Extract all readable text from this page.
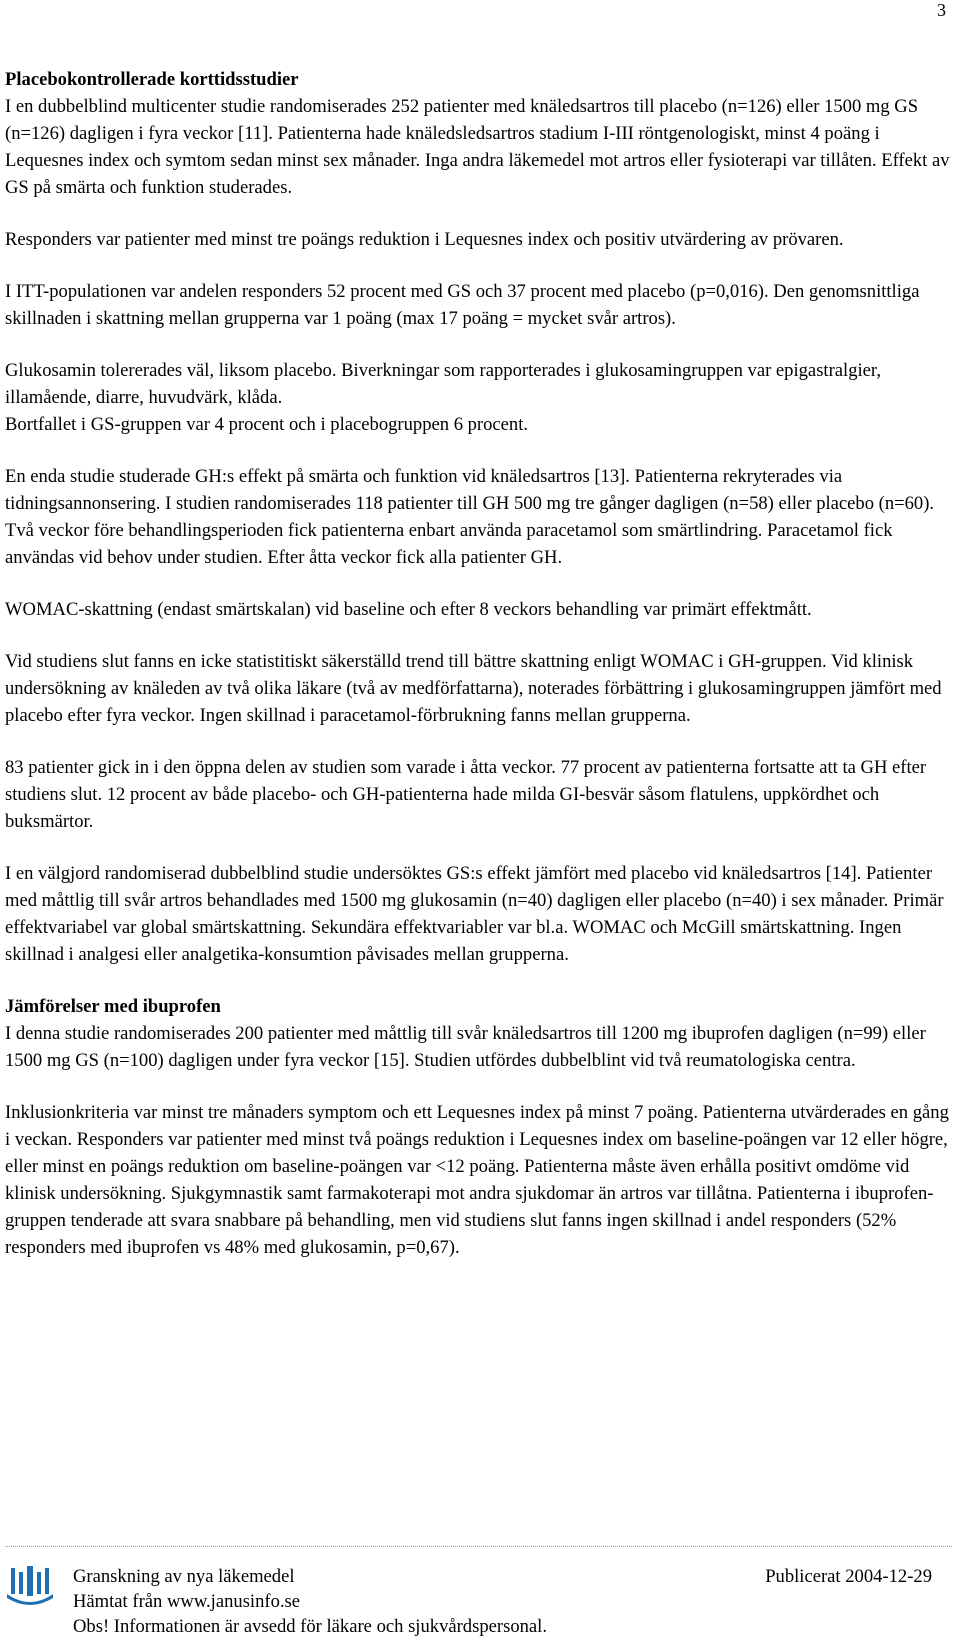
3
Placebokontrollerade korttidsstudier

I en dubbelblind multicenter studie randomiserades 252 patienter med knäledsartros till placebo (n=126) eller 1500 mg GS (n=126) dagligen i fyra veckor [11]. Patienterna hade knäledsledsartros stadium I-III röntgenologiskt, minst 4 poäng i Lequesnes index och symtom sedan minst sex månader. Inga andra läkemedel mot artros eller fysioterapi var tillåten. Effekt av GS på smärta och funktion studerades.

Responders var patienter med minst tre poängs reduktion i Lequesnes index och positiv utvärdering av prövaren.

I ITT-populationen var andelen responders 52 procent med GS och 37 procent med placebo (p=0,016). Den genomsnittliga skillnaden i skattning mellan grupperna var 1 poäng (max 17 poäng = mycket svår artros).

Glukosamin tolererades väl, liksom placebo. Biverkningar som rapporterades i glukosamingruppen var epigastralgier, illamående, diarre, huvudvärk, klåda.

Bortfallet i GS-gruppen var 4 procent och i placebogruppen 6 procent.

En enda studie studerade GH:s effekt på smärta och funktion vid knäledsartros [13]. Patienterna rekryterades via tidningsannonsering. I studien randomiserades 118 patienter till GH 500 mg tre gånger dagligen (n=58) eller placebo (n=60). Två veckor före behandlingsperioden fick patienterna enbart använda paracetamol som smärtlindring. Paracetamol fick användas vid behov under studien. Efter åtta veckor fick alla patienter GH.

WOMAC-skattning (endast smärtskalan) vid baseline och efter 8 veckors behandling var primärt effektmått.

Vid studiens slut fanns en icke statistitiskt säkerställd trend till bättre skattning enligt WOMAC i GH-gruppen. Vid klinisk undersökning av knäleden av två olika läkare (två av medförfattarna), noterades förbättring i glukosamingruppen jämfört med placebo efter fyra veckor. Ingen skillnad i paracetamol-förbrukning fanns mellan grupperna.

83 patienter gick in i den öppna delen av studien som varade i åtta veckor. 77 procent av patienterna fortsatte att ta GH efter studiens slut. 12 procent av både placebo- och GH-patienterna hade milda GI-besvär såsom flatulens, uppkördhet och buksmärtor.

I en välgjord randomiserad dubbelblind studie undersöktes GS:s effekt jämfört med placebo vid knäledsartros [14]. Patienter med måttlig till svår artros behandlades med 1500 mg glukosamin (n=40) dagligen eller placebo (n=40) i sex månader. Primär effektvariabel var global smärtskattning. Sekundära effektvariabler var bl.a. WOMAC och McGill smärtskattning. Ingen skillnad i analgesi eller analgetika-konsumtion påvisades mellan grupperna.

Jämförelser med ibuprofen

I denna studie randomiserades 200 patienter med måttlig till svår knäledsartros till 1200 mg ibuprofen dagligen (n=99) eller 1500 mg GS (n=100) dagligen under fyra veckor [15]. Studien utfördes dubbelblint vid två reumatologiska centra.

Inklusionkriteria var minst tre månaders symptom och ett Lequesnes index på minst 7 poäng. Patienterna utvärderades en gång i veckan. Responders var patienter med minst två poängs reduktion i Lequesnes index om baseline-poängen var 12 eller högre, eller minst en poängs reduktion om baseline-poängen var <12 poäng. Patienterna måste även erhålla positivt omdöme vid klinisk undersökning. Sjukgymnastik samt farmakoterapi mot andra sjukdomar än artros var tillåtna. Patienterna i ibuprofen-gruppen tenderade att svara snabbare på behandling, men vid studiens slut fanns ingen skillnad i andel responders (52% responders med ibuprofen vs 48% med glukosamin, p=0,67).

Granskning av nya läkemedel
Hämtat från www.janusinfo.se
Obs! Informationen är avsedd för läkare och sjukvårdspersonal.
Publicerat 2004-12-29
